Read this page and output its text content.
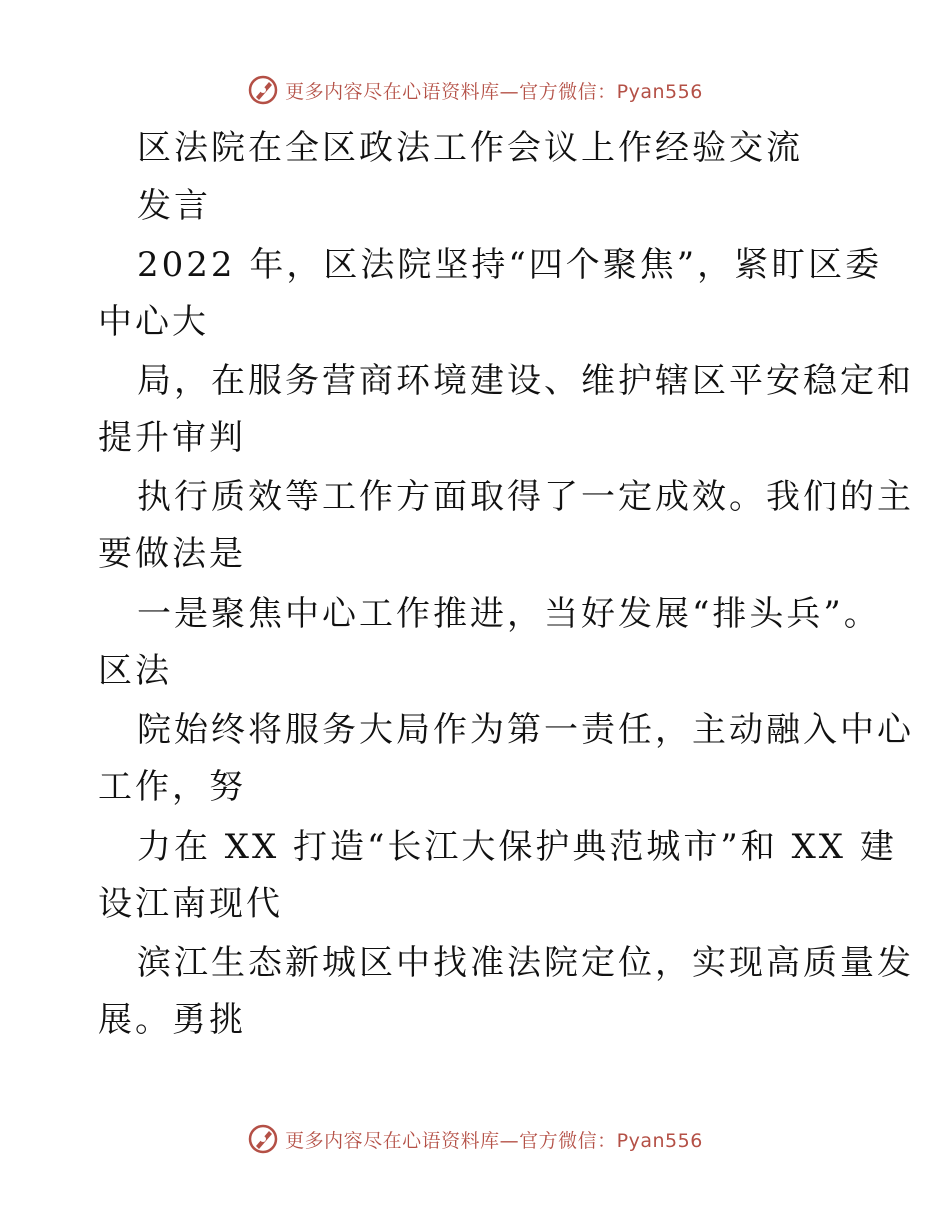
更多内容尽在心语资料库—官方微信：Pyan556
区法院在全区政法工作会议上作经验交流
发言
2022 年，区法院坚持“四个聚焦”，紧盯区委
中心大
局，在服务营商环境建设、维护辖区平安稳定和
提升审判
执行质效等工作方面取得了一定成效。我们的主
要做法是
一是聚焦中心工作推进，当好发展“排头兵”。
区法
院始终将服务大局作为第一责任，主动融入中心
工作，努
力在 XX 打造“长江大保护典范城市”和 XX 建
设江南现代
滨江生态新城区中找准法院定位，实现高质量发
展。勇挑
更多内容尽在心语资料库—官方微信：Pyan556
